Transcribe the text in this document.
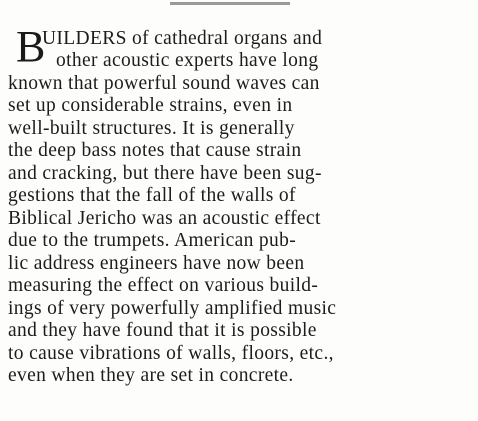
B
UILDERS of cathedral organs and
other acoustic experts have long
known that powerful sound waves can
set up considerable strains, even in
well-built structures. It is generally
the deep bass notes that cause strain
and cracking, but there have been sug-
gestions that the fall of the walls of
Biblical Jericho was an acoustic effect
due to the trumpets. American pub-
lic address engineers have now been
measuring the effect on various build-
ings of very powerfully amplified music
and they have found that it is possible
to cause vibrations of walls, floors, etc.,
even when they are set in concrete.
